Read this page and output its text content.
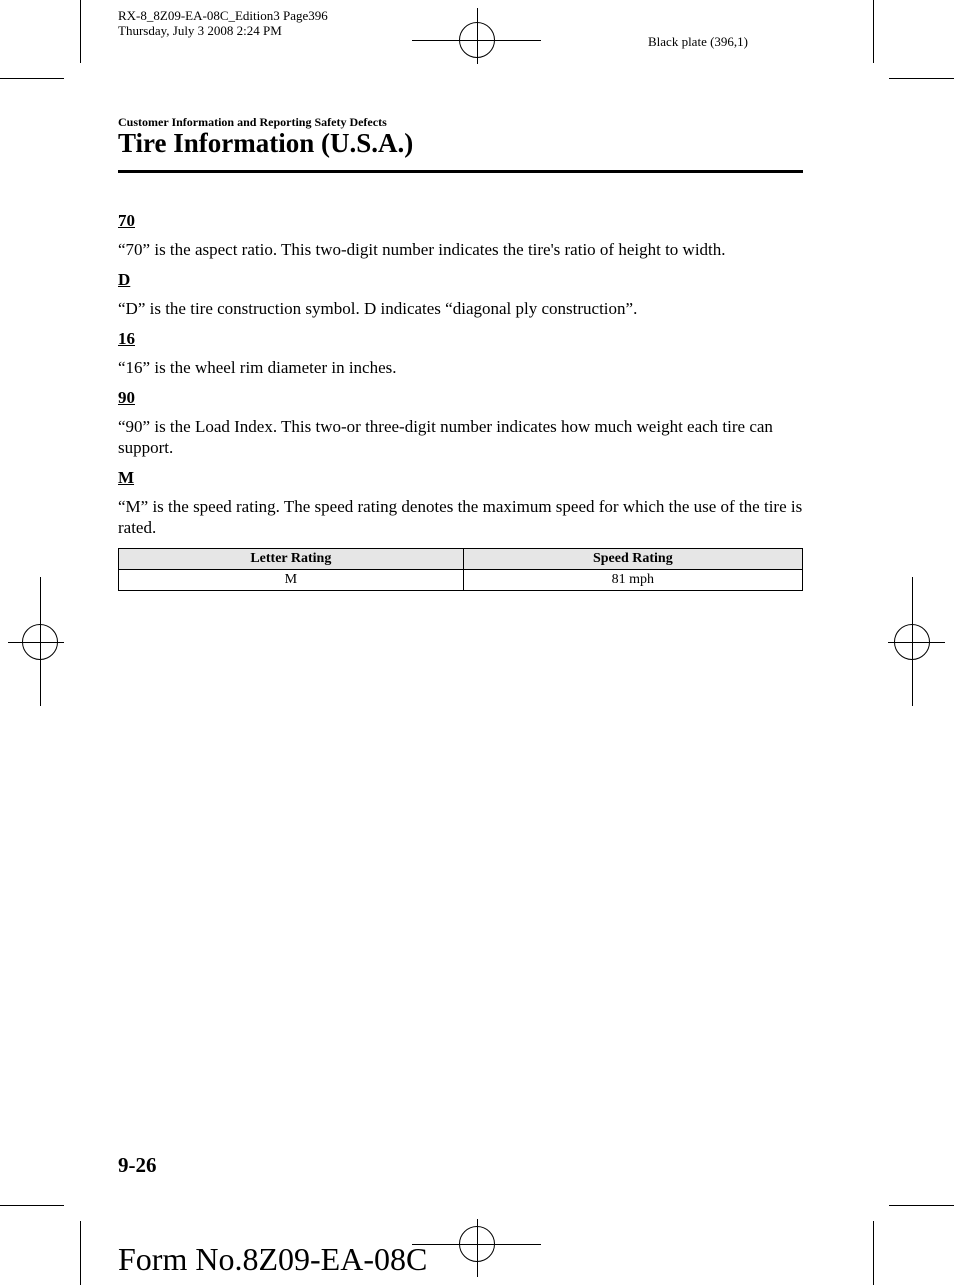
RX-8_8Z09-EA-08C_Edition3 Page396
Thursday, July 3 2008 2:24 PM
Black plate (396,1)
Customer Information and Reporting Safety Defects
Tire Information (U.S.A.)

70

“70” is the aspect ratio. This two-digit number indicates the tire's ratio of height to width.

D

“D” is the tire construction symbol. D indicates “diagonal ply construction”.

16

“16” is the wheel rim diameter in inches.

90

“90” is the Load Index. This two-or three-digit number indicates how much weight each tire can support.

M

“M” is the speed rating. The speed rating denotes the maximum speed for which the use of the tire is rated.

Letter Rating	Speed Rating
M	81 mph
9-26
Form No.8Z09-EA-08C
